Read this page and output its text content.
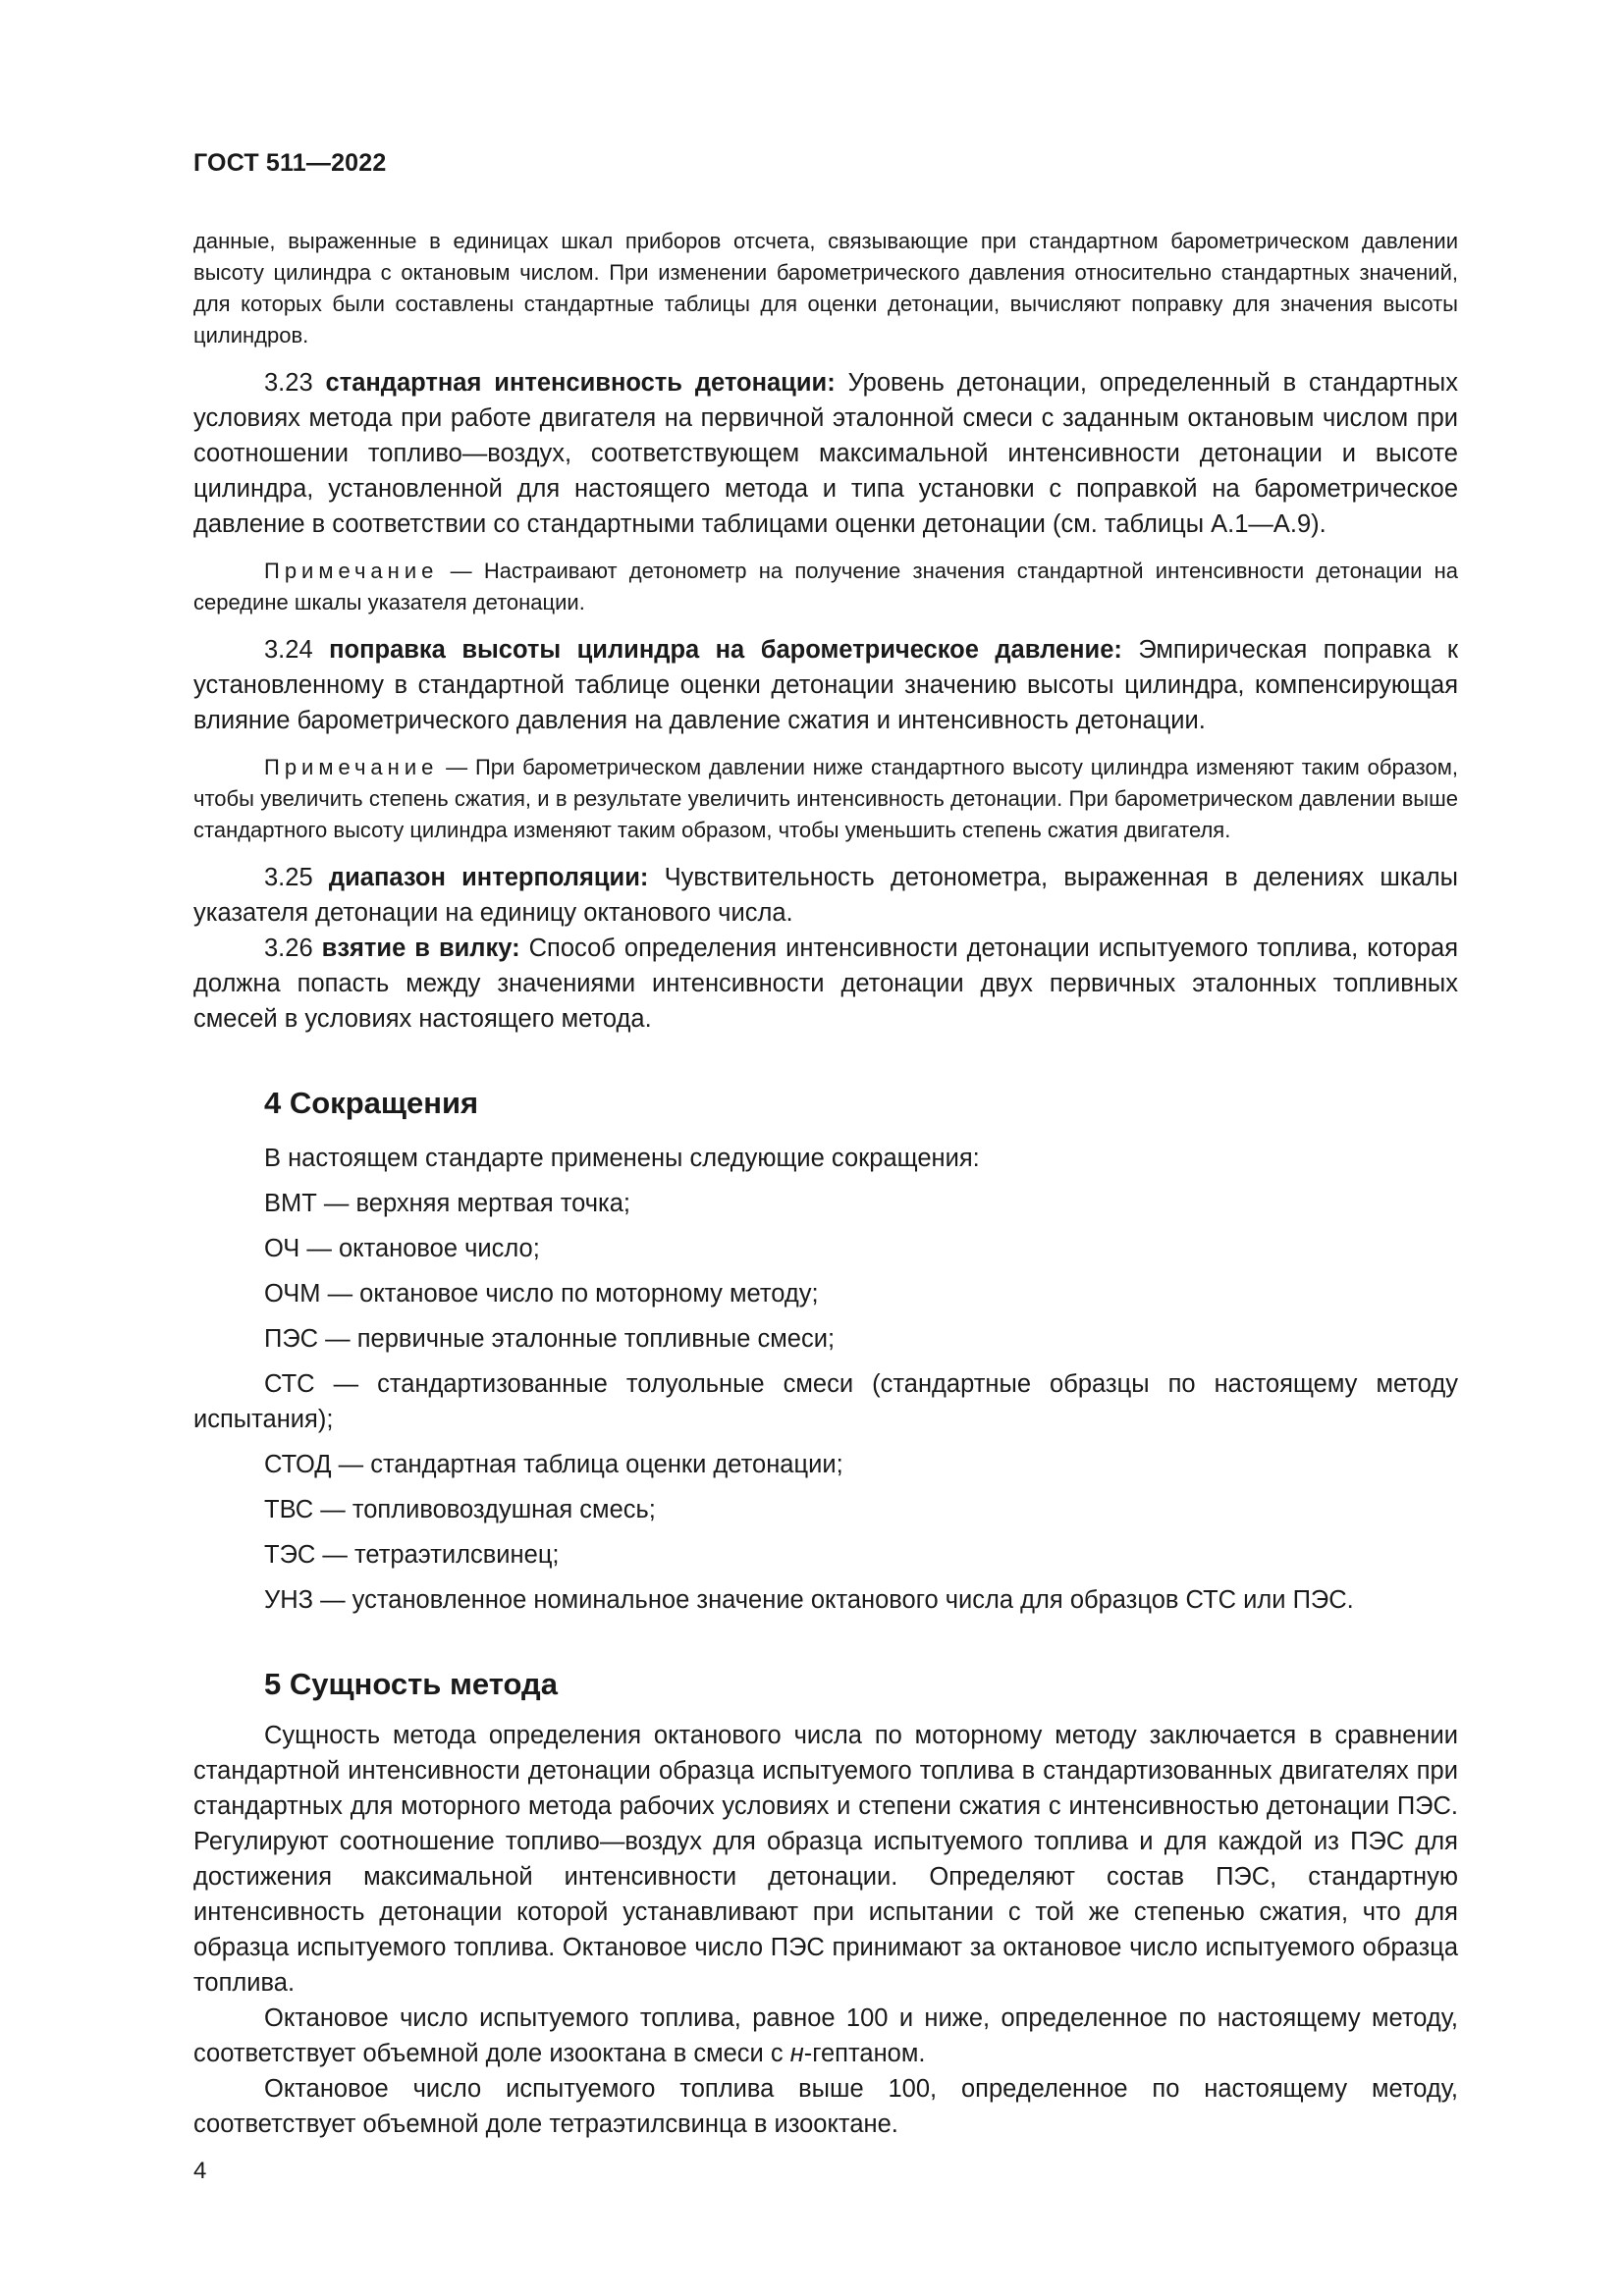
ГОСТ 511—2022

данные, выраженные в единицах шкал приборов отсчета, связывающие при стандартном барометрическом давлении высоту цилиндра с октановым числом. При изменении барометрического давления относительно стандартных значений, для которых были составлены стандартные таблицы для оценки детонации, вычисляют поправку для значения высоты цилиндров.

3.23 стандартная интенсивность детонации: Уровень детонации, определенный в стандартных условиях метода при работе двигателя на первичной эталонной смеси с заданным октановым числом при соотношении топливо—воздух, соответствующем максимальной интенсивности детонации и высоте цилиндра, установленной для настоящего метода и типа установки с поправкой на барометрическое давление в соответствии со стандартными таблицами оценки детонации (см. таблицы А.1—А.9).

Примечание — Настраивают детонометр на получение значения стандартной интенсивности детонации на середине шкалы указателя детонации.

3.24 поправка высоты цилиндра на барометрическое давление: Эмпирическая поправка к установленному в стандартной таблице оценки детонации значению высоты цилиндра, компенсирующая влияние барометрического давления на давление сжатия и интенсивность детонации.

Примечание — При барометрическом давлении ниже стандартного высоту цилиндра изменяют таким образом, чтобы увеличить степень сжатия, и в результате увеличить интенсивность детонации. При барометрическом давлении выше стандартного высоту цилиндра изменяют таким образом, чтобы уменьшить степень сжатия двигателя.

3.25 диапазон интерполяции: Чувствительность детонометра, выраженная в делениях шкалы указателя детонации на единицу октанового числа.

3.26 взятие в вилку: Способ определения интенсивности детонации испытуемого топлива, которая должна попасть между значениями интенсивности детонации двух первичных эталонных топливных смесей в условиях настоящего метода.

4 Сокращения

В настоящем стандарте применены следующие сокращения:

ВМТ — верхняя мертвая точка;

ОЧ — октановое число;

ОЧМ — октановое число по моторному методу;

ПЭС — первичные эталонные топливные смеси;

СТС — стандартизованные толуольные смеси (стандартные образцы по настоящему методу испытания);

СТОД — стандартная таблица оценки детонации;

ТВС — топливовоздушная смесь;

ТЭС — тетраэтилсвинец;

УНЗ — установленное номинальное значение октанового числа для образцов СТС или ПЭС.

5 Сущность метода

Сущность метода определения октанового числа по моторному методу заключается в сравнении стандартной интенсивности детонации образца испытуемого топлива в стандартизованных двигателях при стандартных для моторного метода рабочих условиях и степени сжатия с интенсивностью детонации ПЭС. Регулируют соотношение топливо—воздух для образца испытуемого топлива и для каждой из ПЭС для достижения максимальной интенсивности детонации. Определяют состав ПЭС, стандартную интенсивность детонации которой устанавливают при испытании с той же степенью сжатия, что для образца испытуемого топлива. Октановое число ПЭС принимают за октановое число испытуемого образца топлива.

Октановое число испытуемого топлива, равное 100 и ниже, определенное по настоящему методу, соответствует объемной доле изооктана в смеси с н-гептаном.

Октановое число испытуемого топлива выше 100, определенное по настоящему методу, соответствует объемной доле тетраэтилсвинца в изооктане.

4
